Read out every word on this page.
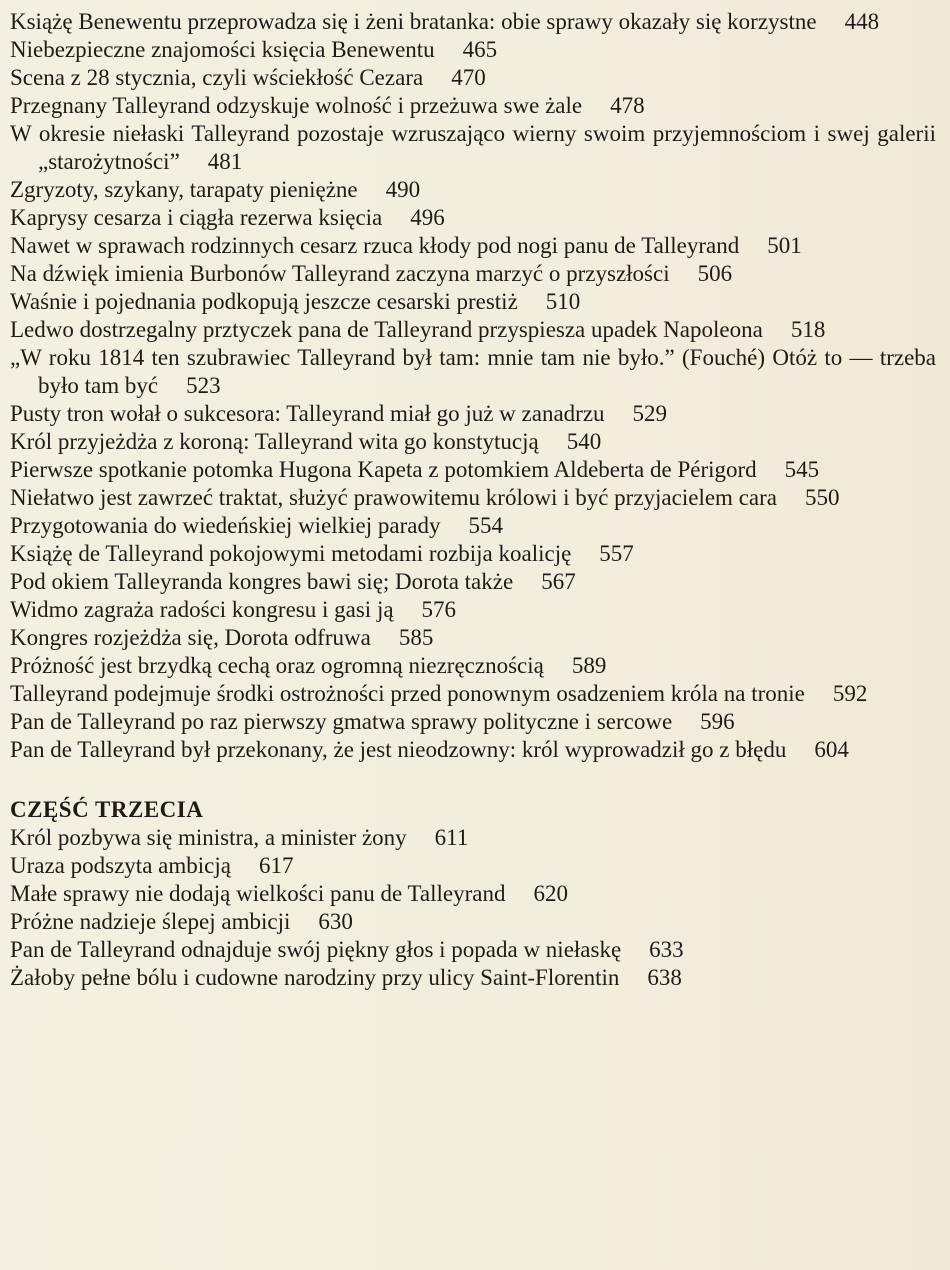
Książę Benewentu przeprowadza się i żeni bratanka: obie sprawy okazały się korzystne 448
Niebezpieczne znajomości księcia Benewentu 465
Scena z 28 stycznia, czyli wściekłość Cezara 470
Przegnany Talleyrand odzyskuje wolność i przeżuwa swe żale 478
W okresie niełaski Talleyrand pozostaje wzruszająco wierny swoim przyjemnościom i swej galerii „starożytności” 481
Zgryzoty, szykany, tarapaty pieniężne 490
Kaprysy cesarza i ciągła rezerwa księcia 496
Nawet w sprawach rodzinnych cesarz rzuca kłody pod nogi panu de Talleyrand 501
Na dźwięk imienia Burbonów Talleyrand zaczyna marzyć o przyszłości 506
Waśnie i pojednania podkopują jeszcze cesarski prestiż 510
Ledwo dostrzegalny prztyczek pana de Talleyrand przyspiesza upadek Napoleona 518
„W roku 1814 ten szubrawiec Talleyrand był tam: mnie tam nie było.” (Fouché) Otóż to — trzeba było tam być 523
Pusty tron wołał o sukcesora: Talleyrand miał go już w zanadrzu 529
Król przyjeżdża z koroną: Talleyrand wita go konstytucją 540
Pierwsze spotkanie potomka Hugona Kapeta z potomkiem Aldeberta de Périgord 545
Niełatwo jest zawrzeć traktat, służyć prawowitemu królowi i być przyjacielem cara 550
Przygotowania do wiedeńskiej wielkiej parady 554
Książę de Talleyrand pokojowymi metodami rozbija koalicję 557
Pod okiem Talleyranda kongres bawi się; Dorota także 567
Widmo zagraża radości kongresu i gasi ją 576
Kongres rozjeżdża się, Dorota odfruwa 585
Próżność jest brzydką cechą oraz ogromną niezręcznością 589
Talleyrand podejmuje środki ostrożności przed ponownym osadzeniem króla na tronie 592
Pan de Talleyrand po raz pierwszy gmatwa sprawy polityczne i sercowe 596
Pan de Talleyrand był przekonany, że jest nieodzowny: król wyprowadził go z błędu 604
CZĘŚĆ TRZECIA
Król pozbywa się ministra, a minister żony 611
Uraza podszyta ambicją 617
Małe sprawy nie dodają wielkości panu de Talleyrand 620
Próżne nadzieje ślepej ambicji 630
Pan de Talleyrand odnajduje swój piękny głos i popada w niełaskę 633
Żałoby pełne bólu i cudowne narodziny przy ulicy Saint-Florentin 638
